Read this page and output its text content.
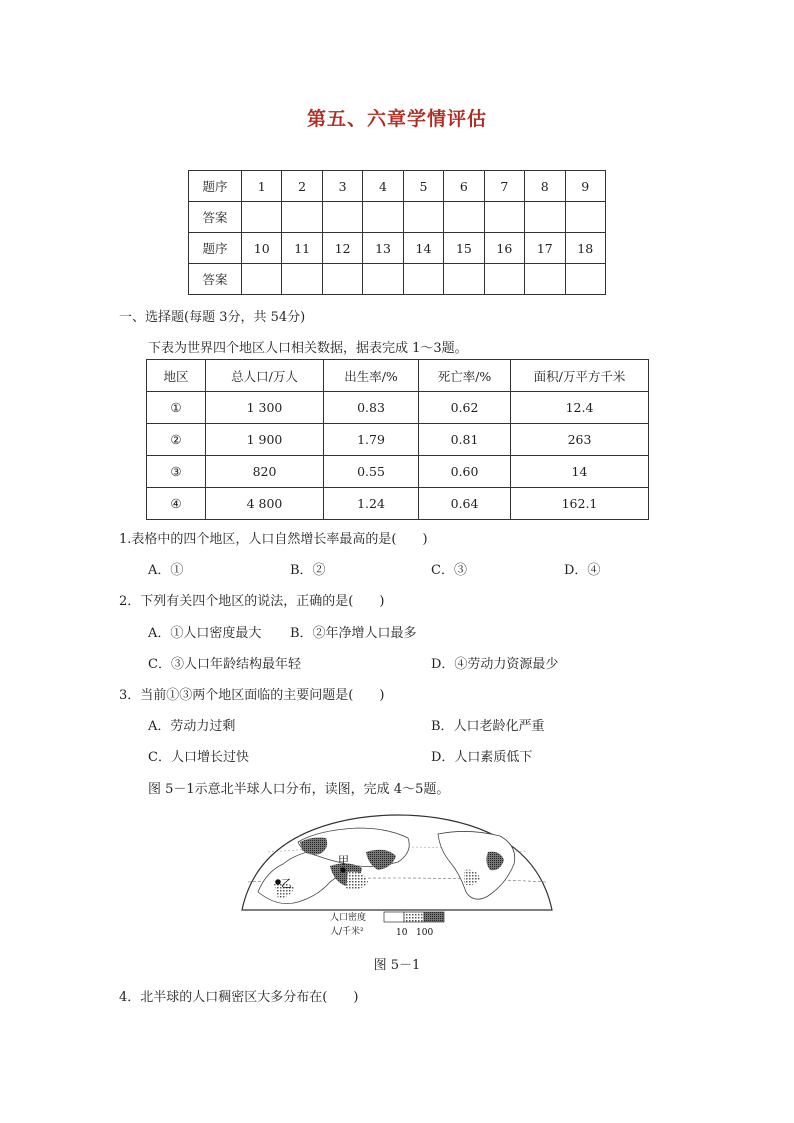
第五、六章学情评估
题序	1	2	3	4	5	6	7	8	9
答案									
题序	10	11	12	13	14	15	16	17	18
答案									
一、选择题(每题 3分，共 54分)
下表为世界四个地区人口相关数据，据表完成 1～3题。
地区	总人口/万人	出生率/%	死亡率/%	面积/万平方千米
①	1 300	0.83	0.62	12.4
②	1 900	1.79	0.81	263
③	820	0.55	0.60	14
④	4 800	1.24	0.64	162.1
1.表格中的四个地区，人口自然增长率最高的是(　　)
A．①	B．②	C．③	D．④
2．下列有关四个地区的说法，正确的是(　　)
A．①人口密度最大 B．②年净增人口最多
C．③人口年龄结构最年轻	D．④劳动力资源最少
3．当前①③两个地区面临的主要问题是(　　)
A．劳动力过剩	B．人口老龄化严重
C．人口增长过快	D．人口素质低下
图 5－1示意北半球人口分布，读图，完成 4～5题。
甲
乙
人口密度
人/千米²	10 100
图 5－1
4．北半球的人口稠密区大多分布在(　　)
